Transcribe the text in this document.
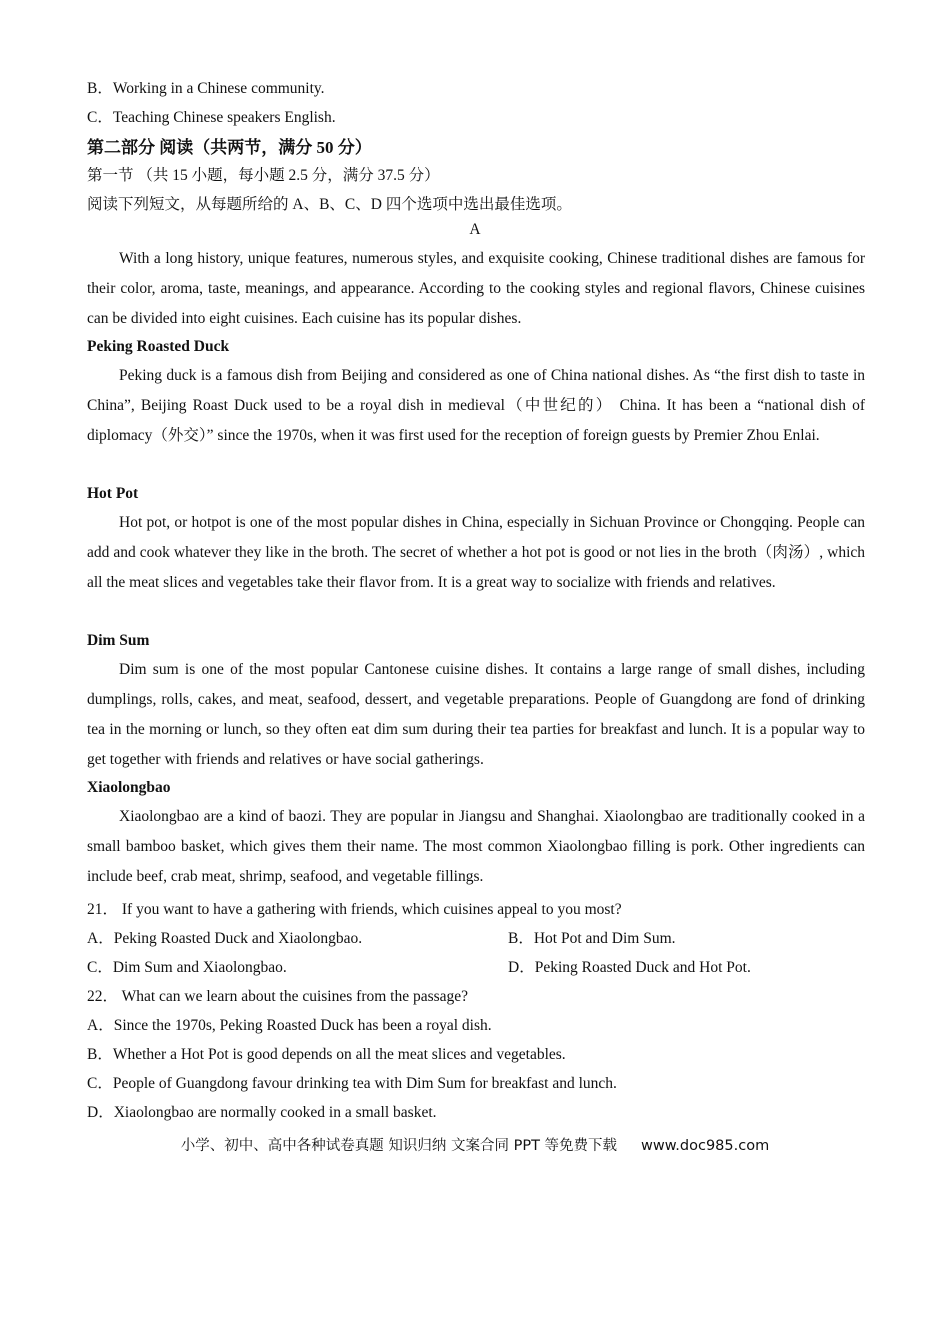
B．Working in a Chinese community.
C．Teaching Chinese speakers English.
第二部分 阅读（共两节，满分 50 分）
第一节 （共 15 小题，每小题 2.5 分，满分 37.5 分）
阅读下列短文，从每题所给的 A、B、C、D 四个选项中选出最佳选项。
A
With a long history, unique features, numerous styles, and exquisite cooking, Chinese traditional dishes are famous for their color, aroma, taste, meanings, and appearance. According to the cooking styles and regional flavors, Chinese cuisines can be divided into eight cuisines. Each cuisine has its popular dishes.
Peking Roasted Duck
Peking duck is a famous dish from Beijing and considered as one of China national dishes. As “the first dish to taste in China”, Beijing Roast Duck used to be a royal dish in medieval（中世纪的） China. It has been a “national dish of diplomacy（外交）” since the 1970s, when it was first used for the reception of foreign guests by Premier Zhou Enlai.
Hot Pot
Hot pot, or hotpot is one of the most popular dishes in China, especially in Sichuan Province or Chongqing. People can add and cook whatever they like in the broth. The secret of whether a hot pot is good or not lies in the broth（肉汤）, which all the meat slices and vegetables take their flavor from. It is a great way to socialize with friends and relatives.
Dim Sum
Dim sum is one of the most popular Cantonese cuisine dishes. It contains a large range of small dishes, including dumplings, rolls, cakes, and meat, seafood, dessert, and vegetable preparations. People of Guangdong are fond of drinking tea in the morning or lunch, so they often eat dim sum during their tea parties for breakfast and lunch. It is a popular way to get together with friends and relatives or have social gatherings.
Xiaolongbao
Xiaolongbao are a kind of baozi. They are popular in Jiangsu and Shanghai. Xiaolongbao are traditionally cooked in a small bamboo basket, which gives them their name. The most common Xiaolongbao filling is pork. Other ingredients can include beef, crab meat, shrimp, seafood, and vegetable fillings.
21． If you want to have a gathering with friends, which cuisines appeal to you most?
A．Peking Roasted Duck and Xiaolongbao.	B．Hot Pot and Dim Sum.
C．Dim Sum and Xiaolongbao.	D．Peking Roasted Duck and Hot Pot.
22． What can we learn about the cuisines from the passage?
A．Since the 1970s, Peking Roasted Duck has been a royal dish.
B．Whether a Hot Pot is good depends on all the meat slices and vegetables.
C．People of Guangdong favour drinking tea with Dim Sum for breakfast and lunch.
D．Xiaolongbao are normally cooked in a small basket.
小学、初中、高中各种试卷真题 知识归纳 文案合同 PPT 等免费下载 www.doc985.com
